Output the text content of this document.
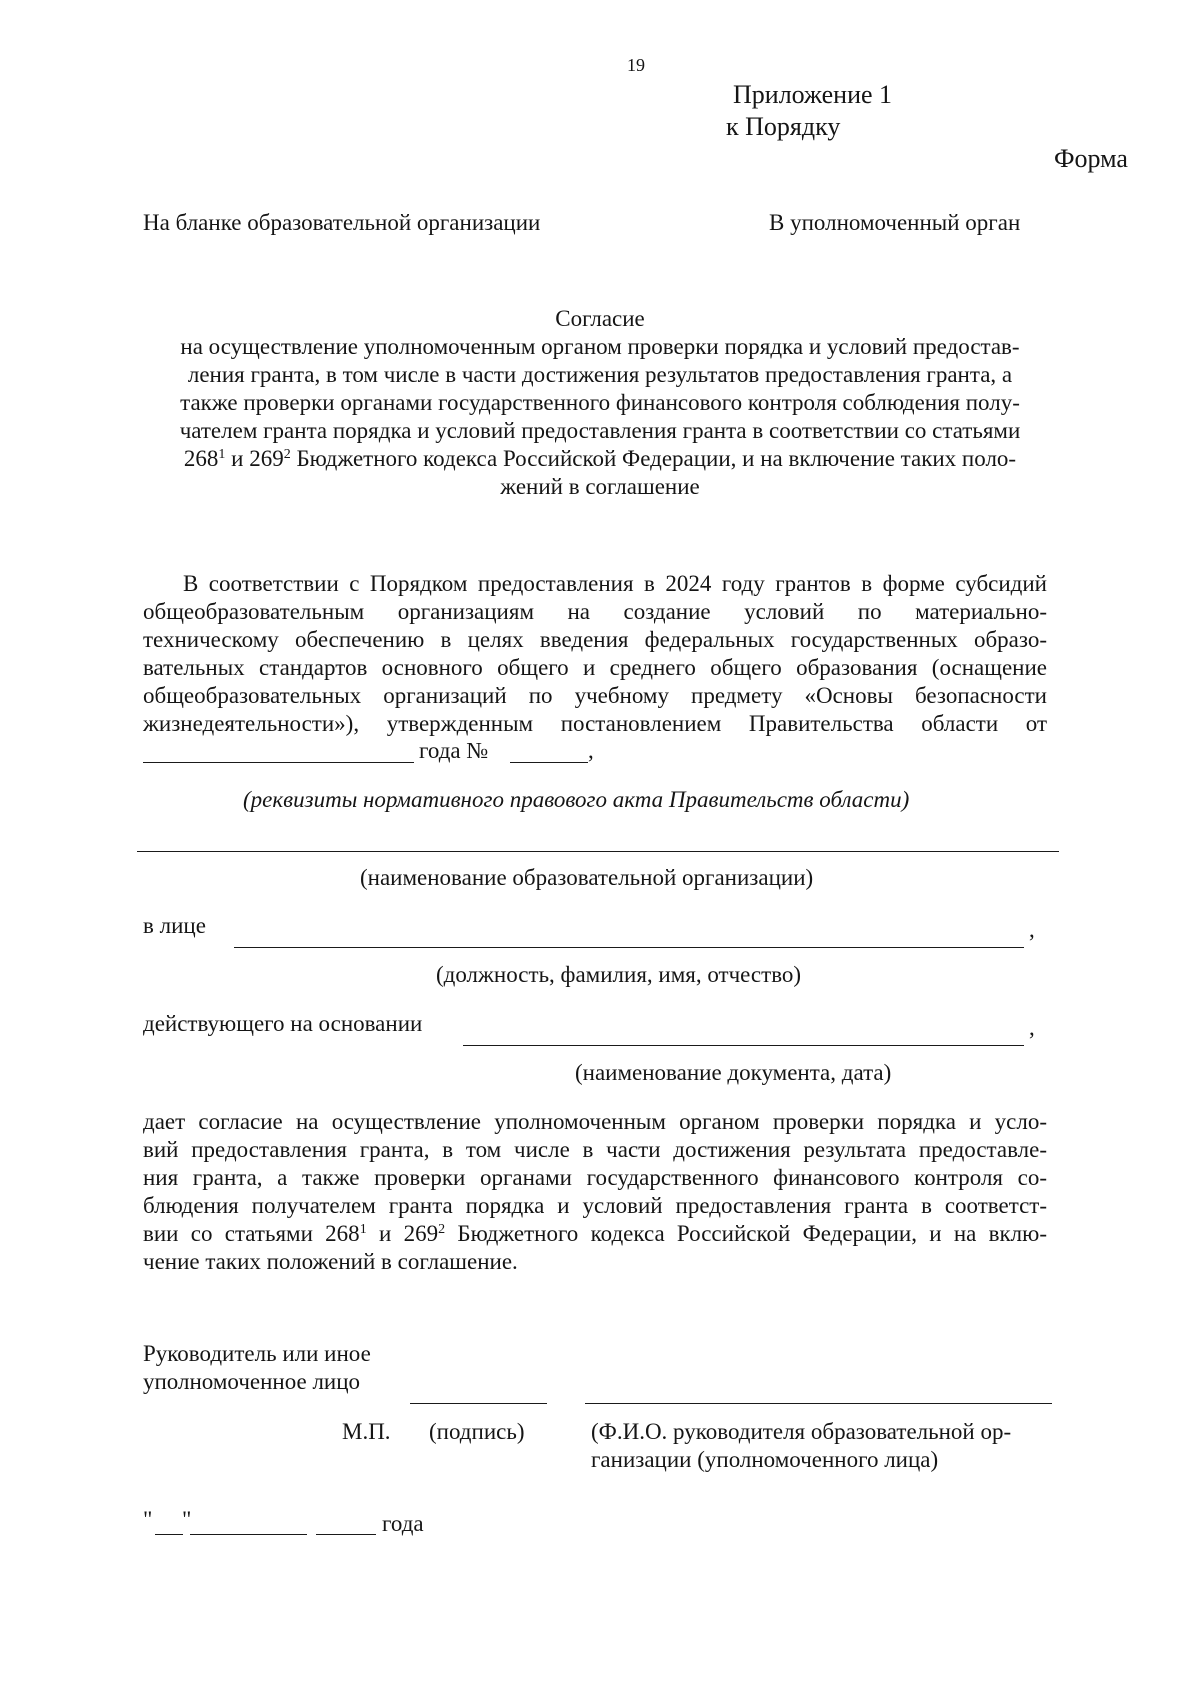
19
Приложение 1
к Порядку
Форма
На бланке образовательной организации	В уполномоченный орган
Согласие
на осуществление уполномоченным органом проверки порядка и условий предостав-
ления гранта, в том числе в части достижения результатов предоставления гранта, а
также проверки органами государственного финансового контроля соблюдения полу-
чателем гранта порядка и условий предоставления гранта в соответствии со статьями
$268^1$ и $269^2$ Бюджетного кодекса Российской Федерации, и на включение таких поло-
жений в соглашение
В соответствии с Порядком предоставления в 2024 году грантов в форме субсидий
общеобразовательным организациям на создание условий по материально-
техническому обеспечению в целях введения федеральных государственных образо-
вательных стандартов основного общего и среднего общего образования (оснащение
общеобразовательных организаций по учебному предмету «Основы безопасности
жизнедеятельности»), утвержденным постановлением Правительства области от
года №	,
(реквизиты нормативного правового акта Правительств области)
(наименование образовательной организации)
в лице	,
(должность, фамилия, имя, отчество)
действующего на основании	,
(наименование документа, дата)
дает согласие на осуществление уполномоченным органом проверки порядка и усло-
вий предоставления гранта, в том числе в части достижения результата предоставле-
ния гранта, а также проверки органами государственного финансового контроля со-
блюдения получателем гранта порядка и условий предоставления гранта в соответст-
вии со статьями $268^1$ и $269^2$ Бюджетного кодекса Российской Федерации, и на вклю-
чение таких положений в соглашение.
Руководитель или иное
уполномоченное лицо
М.П. (подпись)	(Ф.И.О. руководителя образовательной ор-
ганизации (уполномоченного лица)
" "	года
